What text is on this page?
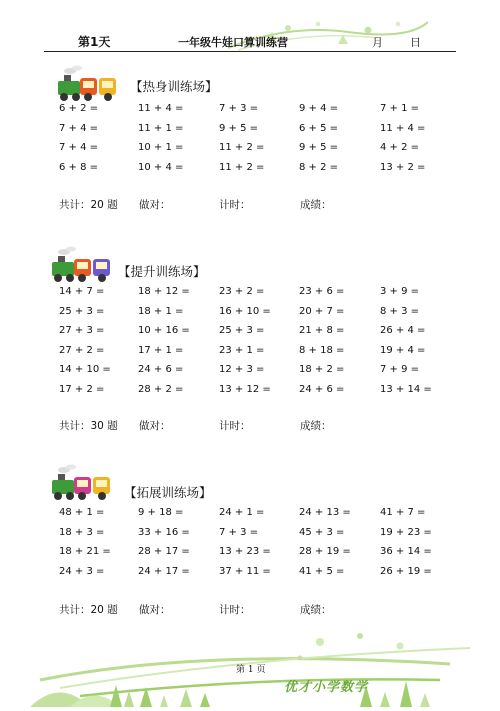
第1天	一年级牛娃口算训练营	月 日
【热身训练场】
6 + 2 =	11 + 4 =	7 + 3 =	9 + 4 =	7 + 1 =
7 + 4 =	11 + 1 =	9 + 5 =	6 + 5 =	11 + 4 =
7 + 4 =	10 + 1 =	11 + 2 =	9 + 5 =	4 + 2 =
6 + 8 =	10 + 4 =	11 + 2 =	8 + 2 =	13 + 2 =
共计：20 题 做对：	计时：	成绩：
【提升训练场】
14 + 7 =	18 + 12 =	23 + 2 =	23 + 6 =	3 + 9 =
25 + 3 =	18 + 1 =	16 + 10 =	20 + 7 =	8 + 3 =
27 + 3 =	10 + 16 =	25 + 3 =	21 + 8 =	26 + 4 =
27 + 2 =	17 + 1 =	23 + 1 =	8 + 18 =	19 + 4 =
14 + 10 =	24 + 6 =	12 + 3 =	18 + 2 =	7 + 9 =
17 + 2 =	28 + 2 =	13 + 12 =	24 + 6 =	13 + 14 =
共计：30 题 做对：	计时：	成绩：
【拓展训练场】
48 + 1 =	9 + 18 =	24 + 1 =	24 + 13 =	41 + 7 =
18 + 3 =	33 + 16 =	7 + 3 =	45 + 3 =	19 + 23 =
18 + 21 =	28 + 17 =	13 + 23 =	28 + 19 =	36 + 14 =
24 + 3 =	24 + 17 =	37 + 11 =	41 + 5 =	26 + 19 =
共计：20 题 做对：	计时：	成绩：
第 1 页
优才小学数学
